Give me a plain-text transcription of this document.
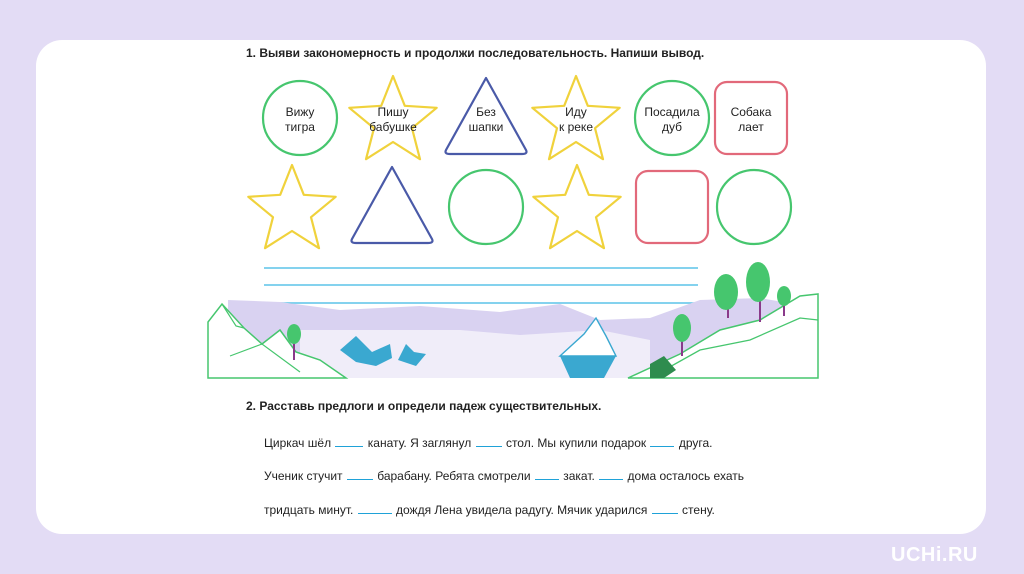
1. Выяви закономерность и продолжи последовательность. Напиши вывод.
Вижу
тигра
Пишу
бабушке
Без
шапки
Иду
к реке
Посадила
дуб
Собака
лает
2. Расставь предлоги и определи падеж существительных.
Циркач шёл	канату. Я заглянул	стол. Мы купили подарок	друга.
Ученик стучит	барабану. Ребята смотрели	закат.	дома осталось ехать
тридцать минут.	дождя Лена увидела радугу. Мячик ударился	стену.
UCHi.RU
